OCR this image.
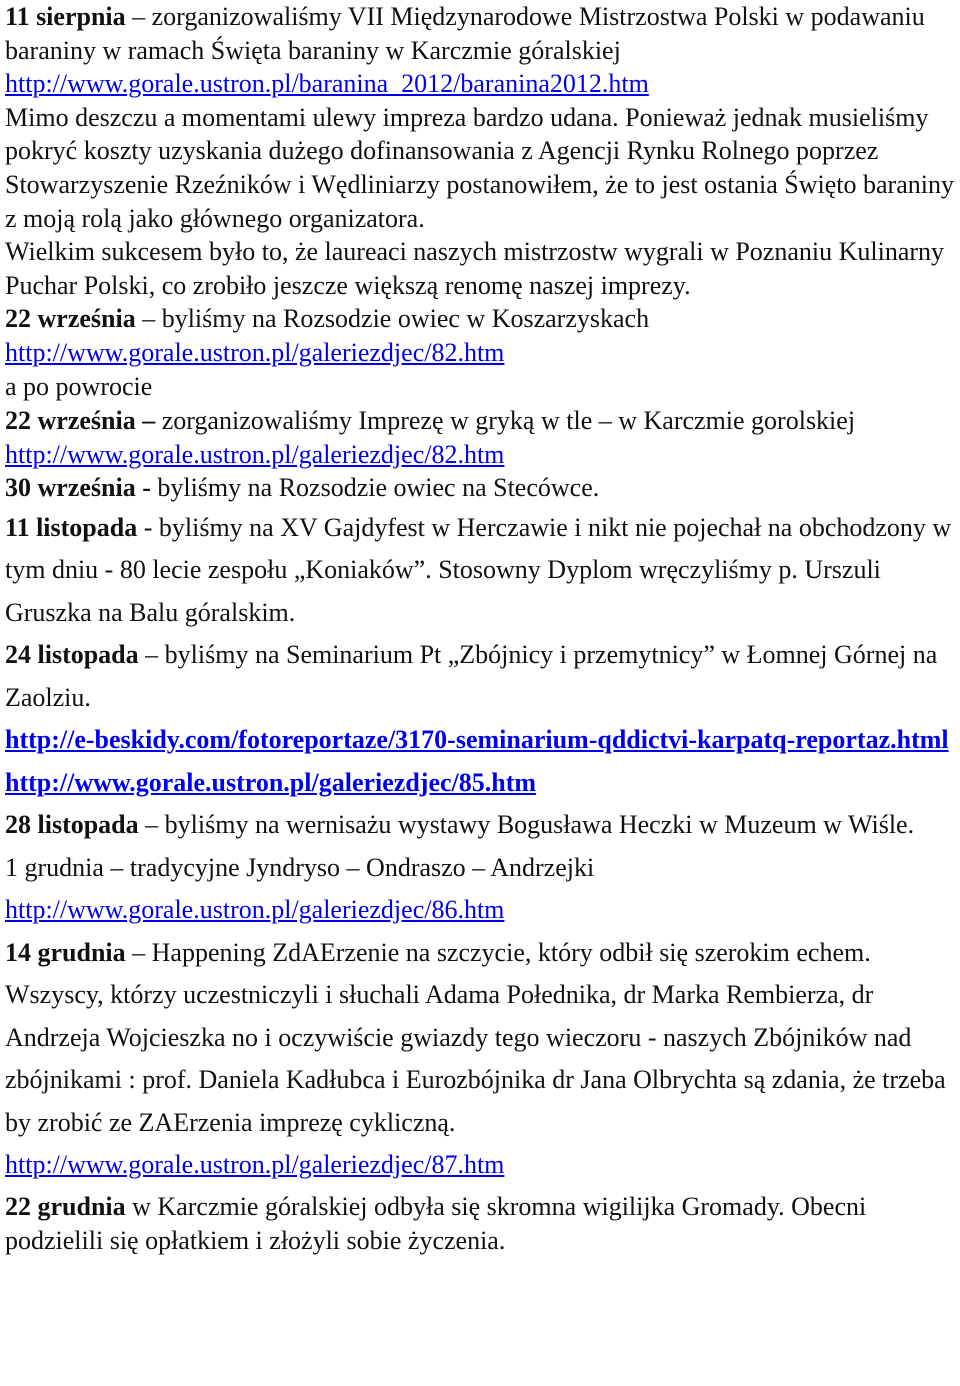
11 sierpnia – zorganizowaliśmy VII Międzynarodowe Mistrzostwa Polski w podawaniu baraniny w ramach Święta baraniny w Karczmie góralskiej
http://www.gorale.ustron.pl/baranina_2012/baranina2012.htm
Mimo deszczu a momentami ulewy impreza bardzo udana. Ponieważ jednak musieliśmy pokryć koszty uzyskania dużego dofinansowania z Agencji Rynku Rolnego poprzez Stowarzyszenie Rzeźników i Wędliniarzy postanowiłem, że to jest ostania Święto baraniny z moją rolą jako głównego organizatora.
Wielkim sukcesem było to, że laureaci naszych mistrzostw wygrali w Poznaniu Kulinarny Puchar Polski, co zrobiło jeszcze większą renomę naszej imprezy.

22 września – byliśmy na Rozsodzie owiec w Koszarzyskach
http://www.gorale.ustron.pl/galeriezdjec/82.htm
a po powrocie

22 września – zorganizowaliśmy Imprezę w gryką w tle – w Karczmie gorolskiej
http://www.gorale.ustron.pl/galeriezdjec/82.htm

30 września - byliśmy na Rozsodzie owiec na Stecówce.

11 listopada - byliśmy na XV Gajdyfest w Herczawie i nikt nie pojechał na obchodzony w tym dniu - 80 lecie zespołu „Koniaków”. Stosowny Dyplom wręczyliśmy p. Urszuli Gruszka na Balu góralskim.

24 listopada – byliśmy na Seminarium Pt „Zbójnicy i przemytnicy” w Łomnej Górnej na Zaolziu.
http://e-beskidy.com/fotoreportaze/3170-seminarium-qddictvi-karpatq-reportaz.html
http://www.gorale.ustron.pl/galeriezdjec/85.htm

28 listopada – byliśmy na wernisażu wystawy Bogusława Heczki w Muzeum w Wiśle.

1 grudnia – tradycyjne Jyndryso – Ondraszo – Andrzejki
http://www.gorale.ustron.pl/galeriezdjec/86.htm

14 grudnia – Happening ZdAErzenie na szczycie, który odbił się szerokim echem. Wszyscy, którzy uczestniczyli i słuchali Adama Połednika, dr Marka Rembierza, dr Andrzeja Wojcieszka no i oczywiście gwiazdy tego wieczoru - naszych Zbójników nad zbójnikami : prof. Daniela Kadłubca i Eurozbójnika dr Jana Olbrychta są zdania, że trzeba by zrobić ze ZAErzenia imprezę cykliczną.
http://www.gorale.ustron.pl/galeriezdjec/87.htm

22 grudnia w Karczmie góralskiej odbyła się skromna wigilijka Gromady. Obecni podzielili się opłatkiem i złożyli sobie życzenia.
